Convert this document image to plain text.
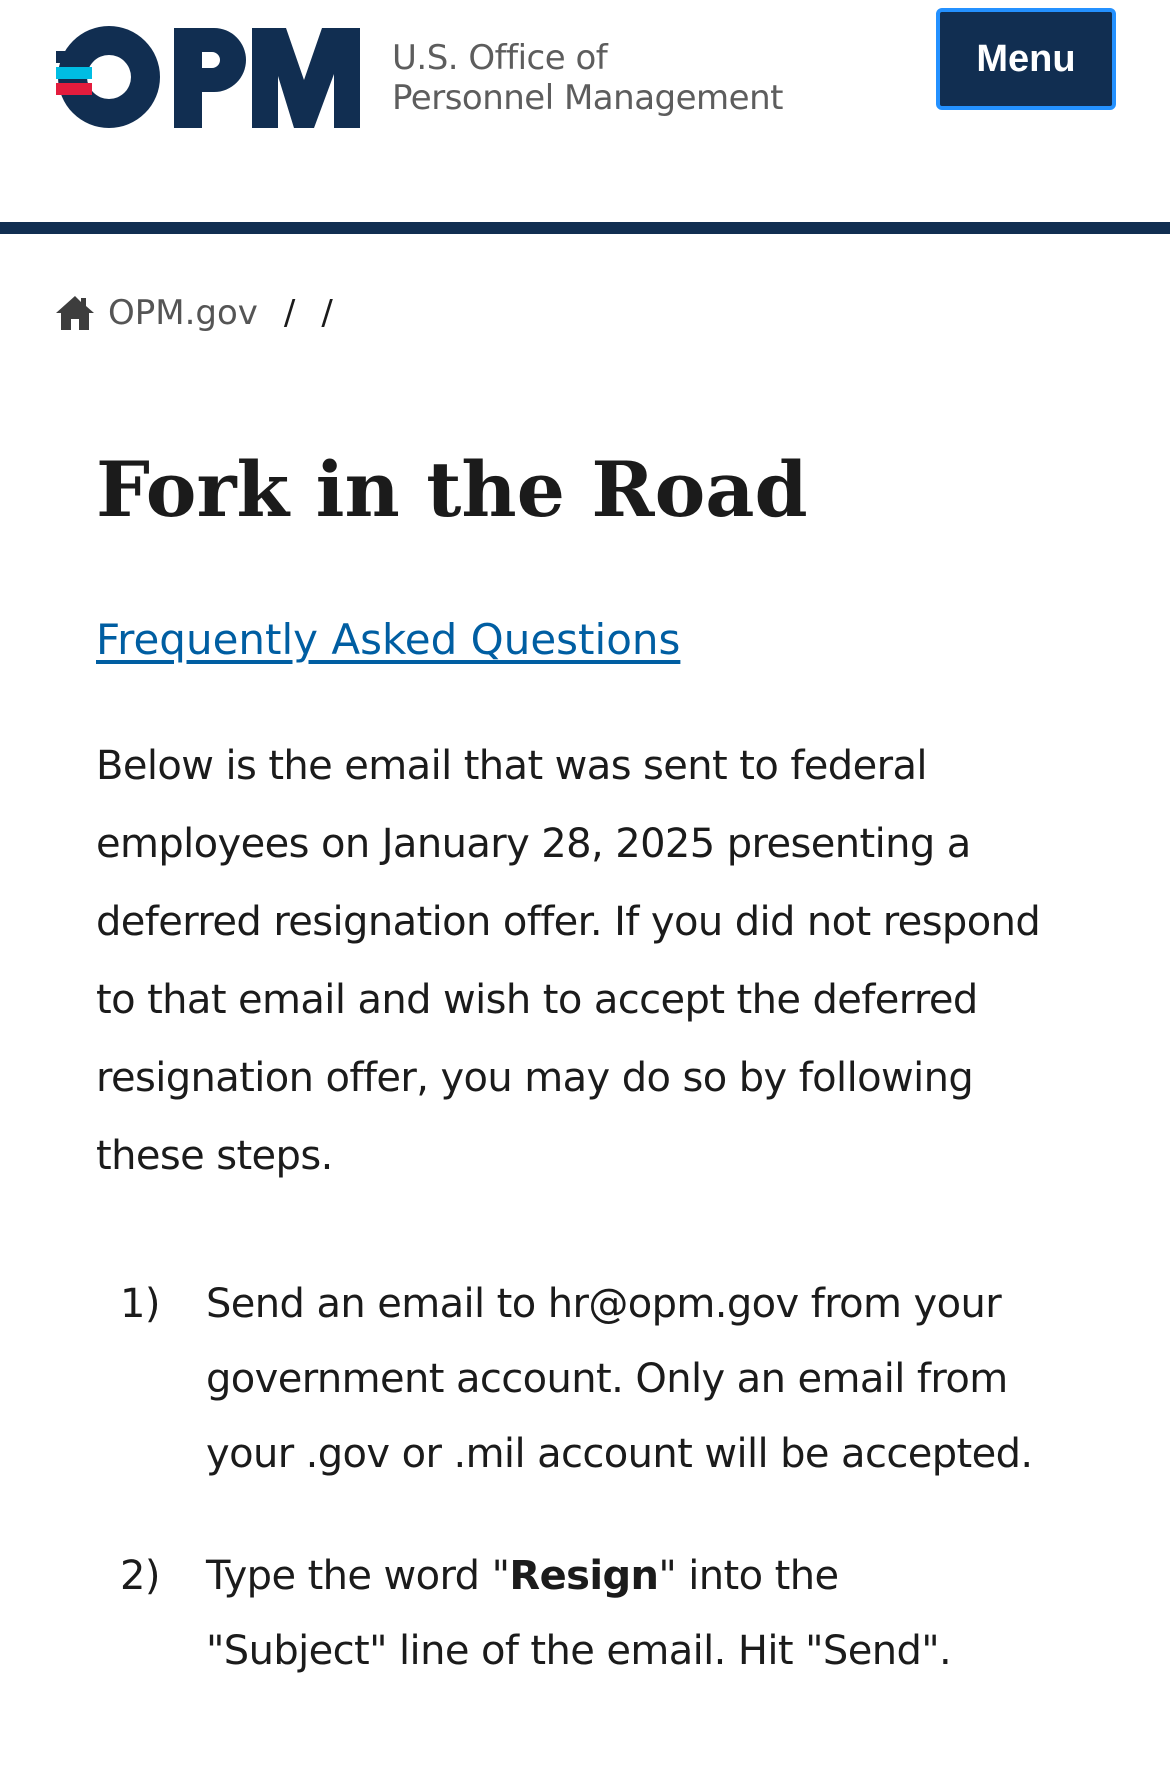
OPM
U.S. Office of
Personnel Management
Menu
OPM.gov / /
Fork in the Road
Frequently Asked Questions

Below is the email that was sent to federal
employees on January 28, 2025 presenting a
deferred resignation offer. If you did not respond
to that email and wish to accept the deferred
resignation offer, you may do so by following
these steps.

1) Send an email to hr@opm.gov from your
government account. Only an email from
your .gov or .mil account will be accepted.
2) Type the word "Resign" into the
"Subject" line of the email. Hit "Send".
